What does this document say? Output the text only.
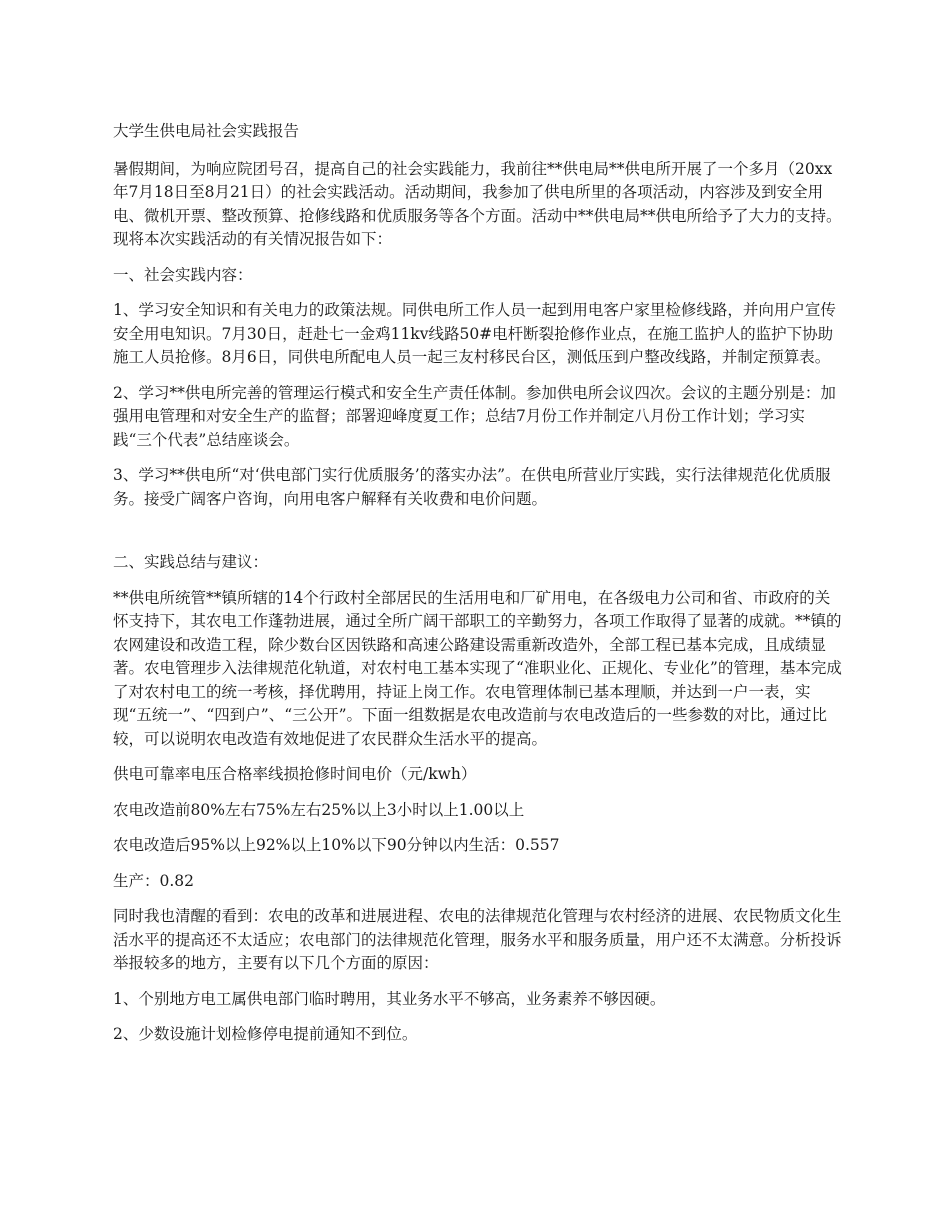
大学生供电局社会实践报告

暑假期间，为响应院团号召，提高自己的社会实践能力，我前往**供电局**供电所开展了一个多月（20xx年7月18日至8月21日）的社会实践活动。活动期间，我参加了供电所里的各项活动，内容涉及到安全用电、微机开票、整改预算、抢修线路和优质服务等各个方面。活动中**供电局**供电所给予了大力的支持。现将本次实践活动的有关情况报告如下：

一、社会实践内容：

1、学习安全知识和有关电力的政策法规。同供电所工作人员一起到用电客户家里检修线路，并向用户宣传安全用电知识。7月30日，赶赴七一金鸡11kv线路50#电杆断裂抢修作业点，在施工监护人的监护下协助施工人员抢修。8月6日，同供电所配电人员一起三友村移民台区，测低压到户整改线路，并制定预算表。

2、学习**供电所完善的管理运行模式和安全生产责任体制。参加供电所会议四次。会议的主题分别是：加强用电管理和对安全生产的监督；部署迎峰度夏工作；总结7月份工作并制定八月份工作计划；学习实践“三个代表”总结座谈会。

3、学习**供电所“对‘供电部门实行优质服务’的落实办法”。在供电所营业厅实践，实行法律规范化优质服务。接受广阔客户咨询，向用电客户解释有关收费和电价问题。

二、实践总结与建议：

**供电所统管**镇所辖的14个行政村全部居民的生活用电和厂矿用电，在各级电力公司和省、市政府的关怀支持下，其农电工作蓬勃进展，通过全所广阔干部职工的辛勤努力，各项工作取得了显著的成就。**镇的农网建设和改造工程，除少数台区因铁路和高速公路建设需重新改造外，全部工程已基本完成，且成绩显著。农电管理步入法律规范化轨道，对农村电工基本实现了“准职业化、正规化、专业化”的管理，基本完成了对农村电工的统一考核，择优聘用，持证上岗工作。农电管理体制已基本理顺，并达到一户一表，实现“五统一”、“四到户”、“三公开”。下面一组数据是农电改造前与农电改造后的一些参数的对比，通过比较，可以说明农电改造有效地促进了农民群众生活水平的提高。

供电可靠率电压合格率线损抢修时间电价（元/kwh）

农电改造前80%左右75%左右25%以上3小时以上1.00以上

农电改造后95%以上92%以上10%以下90分钟以内生活：0.557

生产：0.82

同时我也清醒的看到：农电的改革和进展进程、农电的法律规范化管理与农村经济的进展、农民物质文化生活水平的提高还不太适应；农电部门的法律规范化管理，服务水平和服务质量，用户还不太满意。分析投诉举报较多的地方，主要有以下几个方面的原因：

1、个别地方电工属供电部门临时聘用，其业务水平不够高，业务素养不够因硬。

2、少数设施计划检修停电提前通知不到位。
